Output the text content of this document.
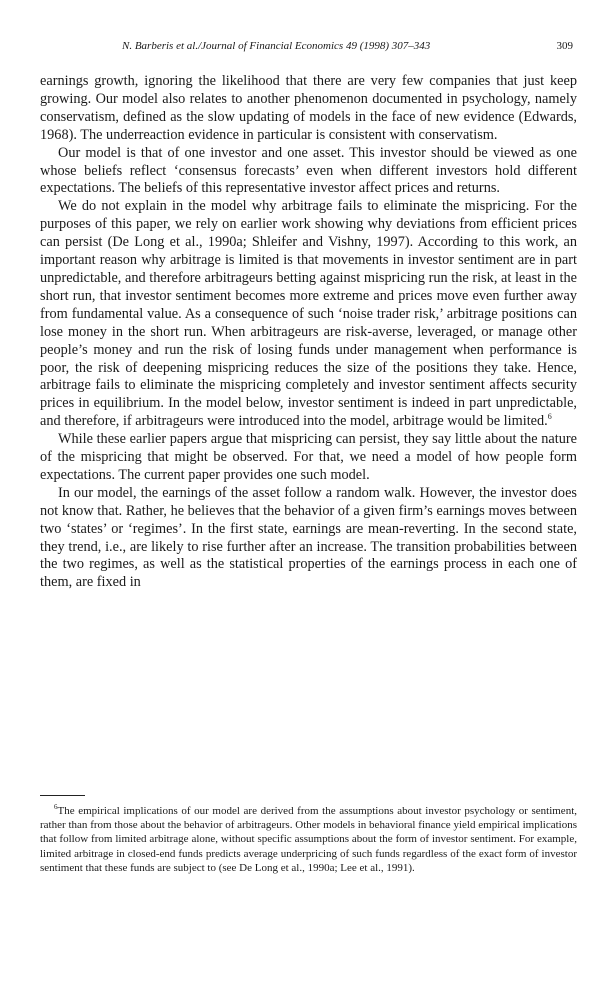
N. Barberis et al./Journal of Financial Economics 49 (1998) 307–343	309

earnings growth, ignoring the likelihood that there are very few companies that just keep growing. Our model also relates to another phenomenon documented in psychology, namely conservatism, defined as the slow updating of models in the face of new evidence (Edwards, 1968). The underreaction evidence in particular is consistent with conservatism.

Our model is that of one investor and one asset. This investor should be viewed as one whose beliefs reflect ‘consensus forecasts’ even when different investors hold different expectations. The beliefs of this representative investor affect prices and returns.

We do not explain in the model why arbitrage fails to eliminate the mispricing. For the purposes of this paper, we rely on earlier work showing why deviations from efficient prices can persist (De Long et al., 1990a; Shleifer and Vishny, 1997). According to this work, an important reason why arbitrage is limited is that movements in investor sentiment are in part unpredictable, and therefore arbitrageurs betting against mispricing run the risk, at least in the short run, that investor sentiment becomes more extreme and prices move even further away from fundamental value. As a consequence of such ‘noise trader risk,’ arbitrage positions can lose money in the short run. When arbitrageurs are risk-averse, leveraged, or manage other people’s money and run the risk of losing funds under management when performance is poor, the risk of deepening mispricing reduces the size of the positions they take. Hence, arbitrage fails to eliminate the mispricing completely and investor sentiment affects security prices in equilibrium. In the model below, investor sentiment is indeed in part unpredictable, and therefore, if arbitrageurs were introduced into the model, arbitrage would be limited.$^6$

While these earlier papers argue that mispricing can persist, they say little about the nature of the mispricing that might be observed. For that, we need a model of how people form expectations. The current paper provides one such model.

In our model, the earnings of the asset follow a random walk. However, the investor does not know that. Rather, he believes that the behavior of a given firm’s earnings moves between two ‘states’ or ‘regimes’. In the first state, earnings are mean-reverting. In the second state, they trend, i.e., are likely to rise further after an increase. The transition probabilities between the two regimes, as well as the statistical properties of the earnings process in each one of them, are fixed in

$^6$The empirical implications of our model are derived from the assumptions about investor psychology or sentiment, rather than from those about the behavior of arbitrageurs. Other models in behavioral finance yield empirical implications that follow from limited arbitrage alone, without specific assumptions about the form of investor sentiment. For example, limited arbitrage in closed-end funds predicts average underpricing of such funds regardless of the exact form of investor sentiment that these funds are subject to (see De Long et al., 1990a; Lee et al., 1991).
